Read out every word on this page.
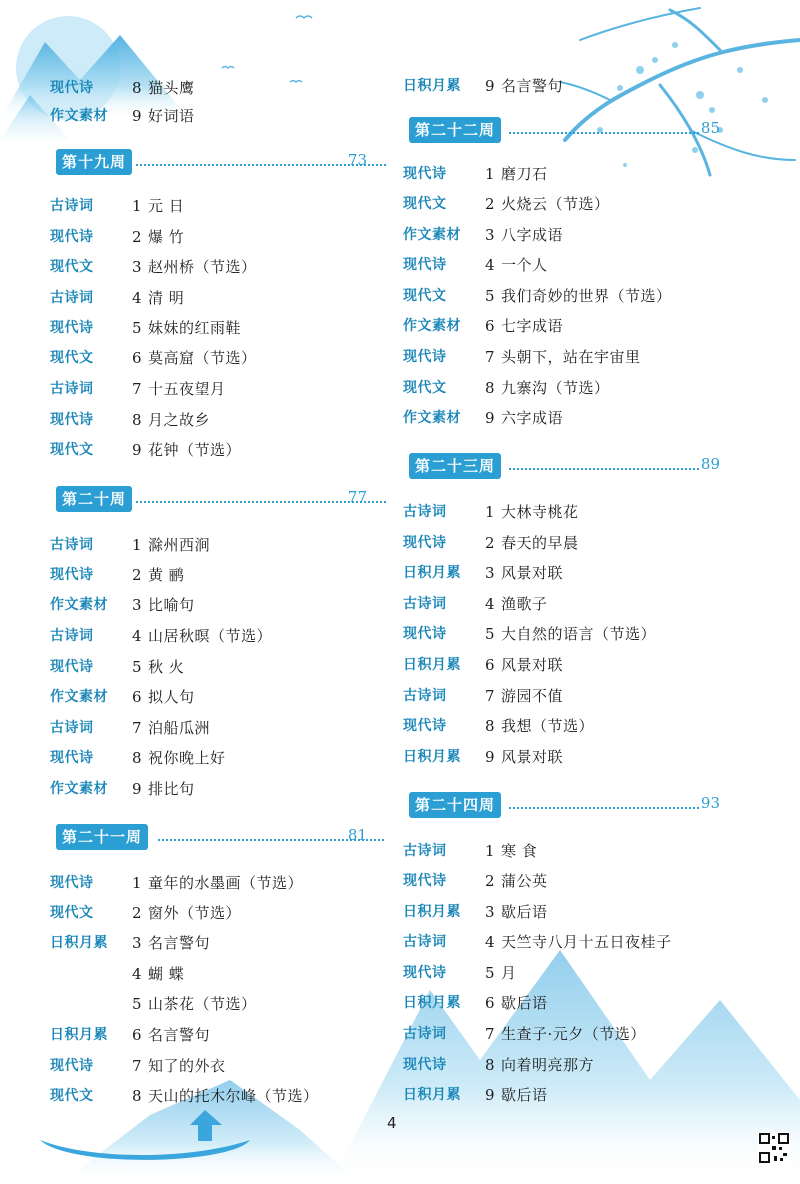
现代诗	8 猫头鹰
作文素材	9 好词语
第十九周	73
古诗词	1 元 日
现代诗	2 爆 竹
现代文	3 赵州桥（节选）
古诗词	4 清 明
现代诗	5 妹妹的红雨鞋
现代文	6 莫高窟（节选）
古诗词	7 十五夜望月
现代诗	8 月之故乡
现代文	9 花钟（节选）
第二十周	77
古诗词	1 滁州西涧
现代诗	2 黄 鹂
作文素材	3 比喻句
古诗词	4 山居秋暝（节选）
现代诗	5 秋 火
作文素材	6 拟人句
古诗词	7 泊船瓜洲
现代诗	8 祝你晚上好
作文素材	9 排比句
第二十一周	81
现代诗	1 童年的水墨画（节选）
现代文	2 窗外（节选）
日积月累	3 名言警句
4 蝴 蝶
5 山茶花（节选）
日积月累	6 名言警句
现代诗	7 知了的外衣
现代文	8 天山的托木尔峰（节选）
日积月累	9 名言警句
第二十二周	85
现代诗	1 磨刀石
现代文	2 火烧云（节选）
作文素材	3 八字成语
现代诗	4 一个人
现代文	5 我们奇妙的世界（节选）
作文素材	6 七字成语
现代诗	7 头朝下，站在宇宙里
现代文	8 九寨沟（节选）
作文素材	9 六字成语
第二十三周	89
古诗词	1 大林寺桃花
现代诗	2 春天的早晨
日积月累	3 风景对联
古诗词	4 渔歌子
现代诗	5 大自然的语言（节选）
日积月累	6 风景对联
古诗词	7 游园不值
现代诗	8 我想（节选）
日积月累	9 风景对联
第二十四周	93
古诗词	1 寒 食
现代诗	2 蒲公英
日积月累	3 歇后语
古诗词	4 天竺寺八月十五日夜桂子
现代诗	5 月
日积月累	6 歇后语
古诗词	7 生查子·元夕（节选）
现代诗	8 向着明亮那方
日积月累	9 歇后语
4
